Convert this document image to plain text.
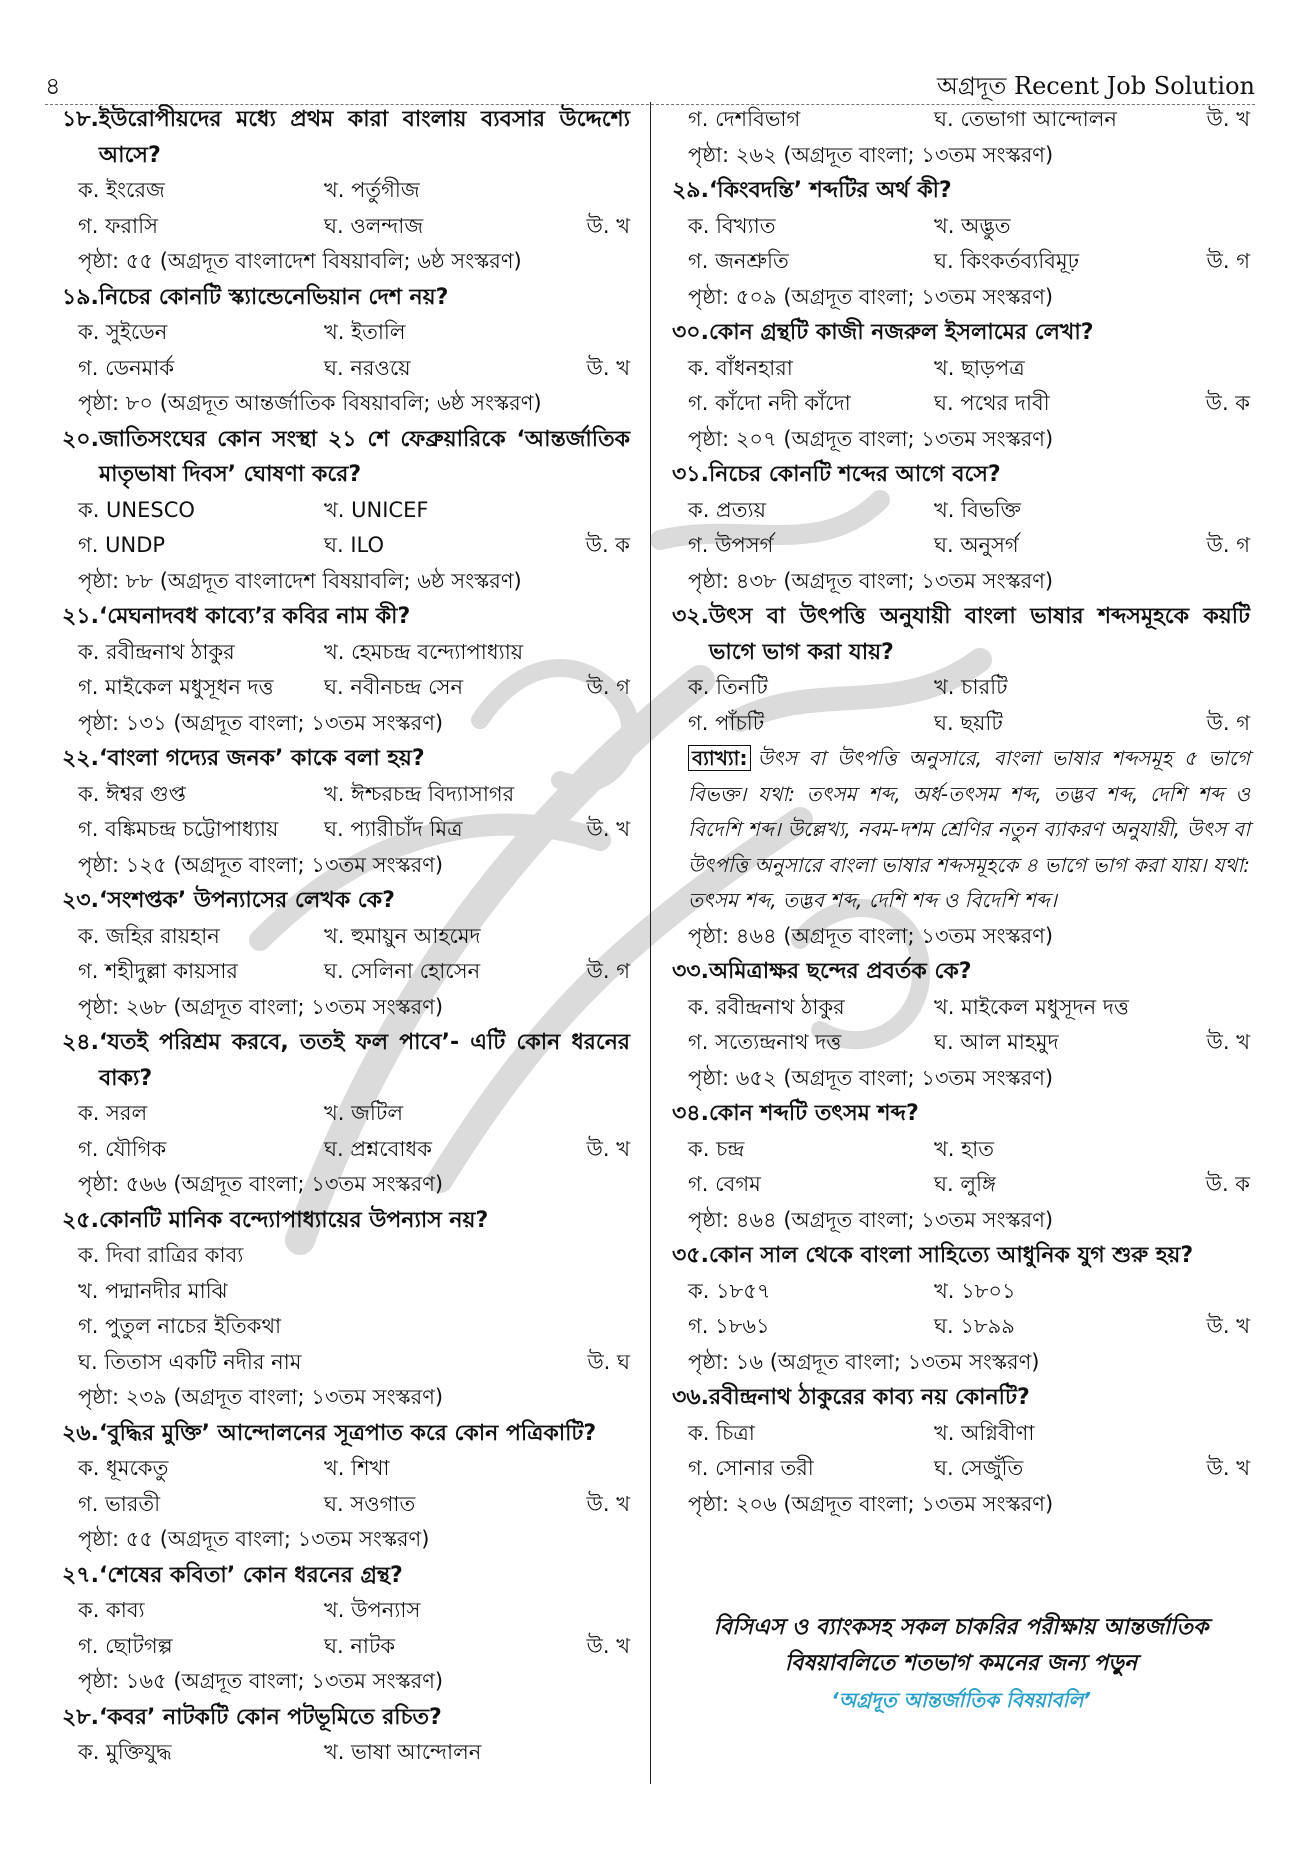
৪	অগ্রদূত Recent Job Solution
১৮. ইউরোপীয়দের মধ্যে প্রথম কারা বাংলায় ব্যবসার উদ্দেশ্যে আসে?
ক. ইংরেজ	খ. পর্তুগীজ
গ. ফরাসি	ঘ. ওলন্দাজ	উ. খ
পৃষ্ঠা: ৫৫ (অগ্রদূত বাংলাদেশ বিষয়াবলি; ৬ষ্ঠ সংস্করণ)
১৯. নিচের কোনটি স্ক্যান্ডেনেভিয়ান দেশ নয়?
ক. সুইডেন	খ. ইতালি
গ. ডেনমার্ক	ঘ. নরওয়ে	উ. খ
পৃষ্ঠা: ৮০ (অগ্রদূত আন্তর্জাতিক বিষয়াবলি; ৬ষ্ঠ সংস্করণ)
২০. জাতিসংঘের কোন সংস্থা ২১ শে ফেব্রুয়ারিকে ‘আন্তর্জাতিক মাতৃভাষা দিবস’ ঘোষণা করে?
ক. UNESCO	খ. UNICEF
গ. UNDP	ঘ. ILO	উ. ক
পৃষ্ঠা: ৮৮ (অগ্রদূত বাংলাদেশ বিষয়াবলি; ৬ষ্ঠ সংস্করণ)
২১. ‘মেঘনাদবধ কাব্যে’র কবির নাম কী?
ক. রবীন্দ্রনাথ ঠাকুর	খ. হেমচন্দ্র বন্দ্যোপাধ্যায়
গ. মাইকেল মধুসূধন দত্ত ঘ. নবীনচন্দ্র সেন	উ. গ
পৃষ্ঠা: ১৩১ (অগ্রদূত বাংলা; ১৩তম সংস্করণ)
২২. ‘বাংলা গদ্যের জনক’ কাকে বলা হয়?
ক. ঈশ্বর গুপ্ত	খ. ঈশ্চরচন্দ্র বিদ্যাসাগর
গ. বঙ্কিমচন্দ্র চট্টোপাধ্যায় ঘ. প্যারীচাঁদ মিত্র	উ. খ
পৃষ্ঠা: ১২৫ (অগ্রদূত বাংলা; ১৩তম সংস্করণ)
২৩. ‘সংশপ্তক’ উপন্যাসের লেখক কে?
ক. জহির রায়হান	খ. হুমায়ুন আহমেদ
গ. শহীদুল্লা কায়সার	ঘ. সেলিনা হোসেন	উ. গ
পৃষ্ঠা: ২৬৮ (অগ্রদূত বাংলা; ১৩তম সংস্করণ)
২৪. ‘যতই পরিশ্রম করবে, ততই ফল পাবে’- এটি কোন ধরনের বাক্য?
ক. সরল	খ. জটিল
গ. যৌগিক	ঘ. প্রশ্নবোধক	উ. খ
পৃষ্ঠা: ৫৬৬ (অগ্রদূত বাংলা; ১৩তম সংস্করণ)
২৫. কোনটি মানিক বন্দ্যোপাধ্যায়ের উপন্যাস নয়?
ক. দিবা রাত্রির কাব্য
খ. পদ্মানদীর মাঝি
গ. পুতুল নাচের ইতিকথা
ঘ. তিতাস একটি নদীর নাম	উ. ঘ
পৃষ্ঠা: ২৩৯ (অগ্রদূত বাংলা; ১৩তম সংস্করণ)
২৬. ‘বুদ্ধির মুক্তি’ আন্দোলনের সূত্রপাত করে কোন পত্রিকাটি?
ক. ধূমকেতু	খ. শিখা
গ. ভারতী	ঘ. সওগাত	উ. খ
পৃষ্ঠা: ৫৫ (অগ্রদূত বাংলা; ১৩তম সংস্করণ)
২৭. ‘শেষের কবিতা’ কোন ধরনের গ্রন্থ?
ক. কাব্য	খ. উপন্যাস
গ. ছোটগল্প	ঘ. নাটক	উ. খ
পৃষ্ঠা: ১৬৫ (অগ্রদূত বাংলা; ১৩তম সংস্করণ)
২৮. ‘কবর’ নাটকটি কোন পটভূমিতে রচিত?
ক. মুক্তিযুদ্ধ	খ. ভাষা আন্দোলন
গ. দেশবিভাগ	ঘ. তেভাগা আন্দোলন	উ. খ
পৃষ্ঠা: ২৬২ (অগ্রদূত বাংলা; ১৩তম সংস্করণ)
২৯. ‘কিংবদন্তি’ শব্দটির অর্থ কী?
ক. বিখ্যাত	খ. অদ্ভুত
গ. জনশ্রুতি	ঘ. কিংকর্তব্যবিমূঢ়	উ. গ
পৃষ্ঠা: ৫০৯ (অগ্রদূত বাংলা; ১৩তম সংস্করণ)
৩০. কোন গ্রন্থটি কাজী নজরুল ইসলামের লেখা?
ক. বাঁধনহারা	খ. ছাড়পত্র
গ. কাঁদো নদী কাঁদো	ঘ. পথের দাবী	উ. ক
পৃষ্ঠা: ২০৭ (অগ্রদূত বাংলা; ১৩তম সংস্করণ)
৩১. নিচের কোনটি শব্দের আগে বসে?
ক. প্রত্যয়	খ. বিভক্তি
গ. উপসর্গ	ঘ. অনুসর্গ	উ. গ
পৃষ্ঠা: ৪৩৮ (অগ্রদূত বাংলা; ১৩তম সংস্করণ)
৩২. উৎস বা উৎপত্তি অনুযায়ী বাংলা ভাষার শব্দসমূহকে কয়টি ভাগে ভাগ করা যায়?
ক. তিনটি	খ. চারটি
গ. পাঁচটি	ঘ. ছয়টি	উ. গ
ব্যাখ্যা: উৎস বা উৎপত্তি অনুসারে, বাংলা ভাষার শব্দসমূহ ৫ ভাগে বিভক্ত। যথা: তৎসম শব্দ, অর্ধ-তৎসম শব্দ, তদ্ভব শব্দ, দেশি শব্দ ও বিদেশি শব্দ। উল্লেখ্য, নবম-দশম শ্রেণির নতুন ব্যাকরণ অনুযায়ী, উৎস বা উৎপত্তি অনুসারে বাংলা ভাষার শব্দসমূহকে ৪ ভাগে ভাগ করা যায়। যথা: তৎসম শব্দ, তদ্ভব শব্দ, দেশি শব্দ ও বিদেশি শব্দ।
পৃষ্ঠা: ৪৬৪ (অগ্রদূত বাংলা; ১৩তম সংস্করণ)
৩৩. অমিত্রাক্ষর ছন্দের প্রবর্তক কে?
ক. রবীন্দ্রনাথ ঠাকুর	খ. মাইকেল মধুসূদন দত্ত
গ. সত্যেন্দ্রনাথ দত্ত	ঘ. আল মাহমুদ	উ. খ
পৃষ্ঠা: ৬৫২ (অগ্রদূত বাংলা; ১৩তম সংস্করণ)
৩৪. কোন শব্দটি তৎসম শব্দ?
ক. চন্দ্র	খ. হাত
গ. বেগম	ঘ. লুঙ্গি	উ. ক
পৃষ্ঠা: ৪৬৪ (অগ্রদূত বাংলা; ১৩তম সংস্করণ)
৩৫. কোন সাল থেকে বাংলা সাহিত্যে আধুনিক যুগ শুরু হয়?
ক. ১৮৫৭	খ. ১৮০১
গ. ১৮৬১	ঘ. ১৮৯৯	উ. খ
পৃষ্ঠা: ১৬ (অগ্রদূত বাংলা; ১৩তম সংস্করণ)
৩৬. রবীন্দ্রনাথ ঠাকুরের কাব্য নয় কোনটি?
ক. চিত্রা	খ. অগ্নিবীণা
গ. সোনার তরী	ঘ. সেজুঁতি	উ. খ
পৃষ্ঠা: ২০৬ (অগ্রদূত বাংলা; ১৩তম সংস্করণ)
বিসিএস ও ব্যাংকসহ সকল চাকরির পরীক্ষায় আন্তর্জাতিক
বিষয়াবলিতে শতভাগ কমনের জন্য পড়ুন
‘অগ্রদূত আন্তর্জাতিক বিষয়াবলি’
